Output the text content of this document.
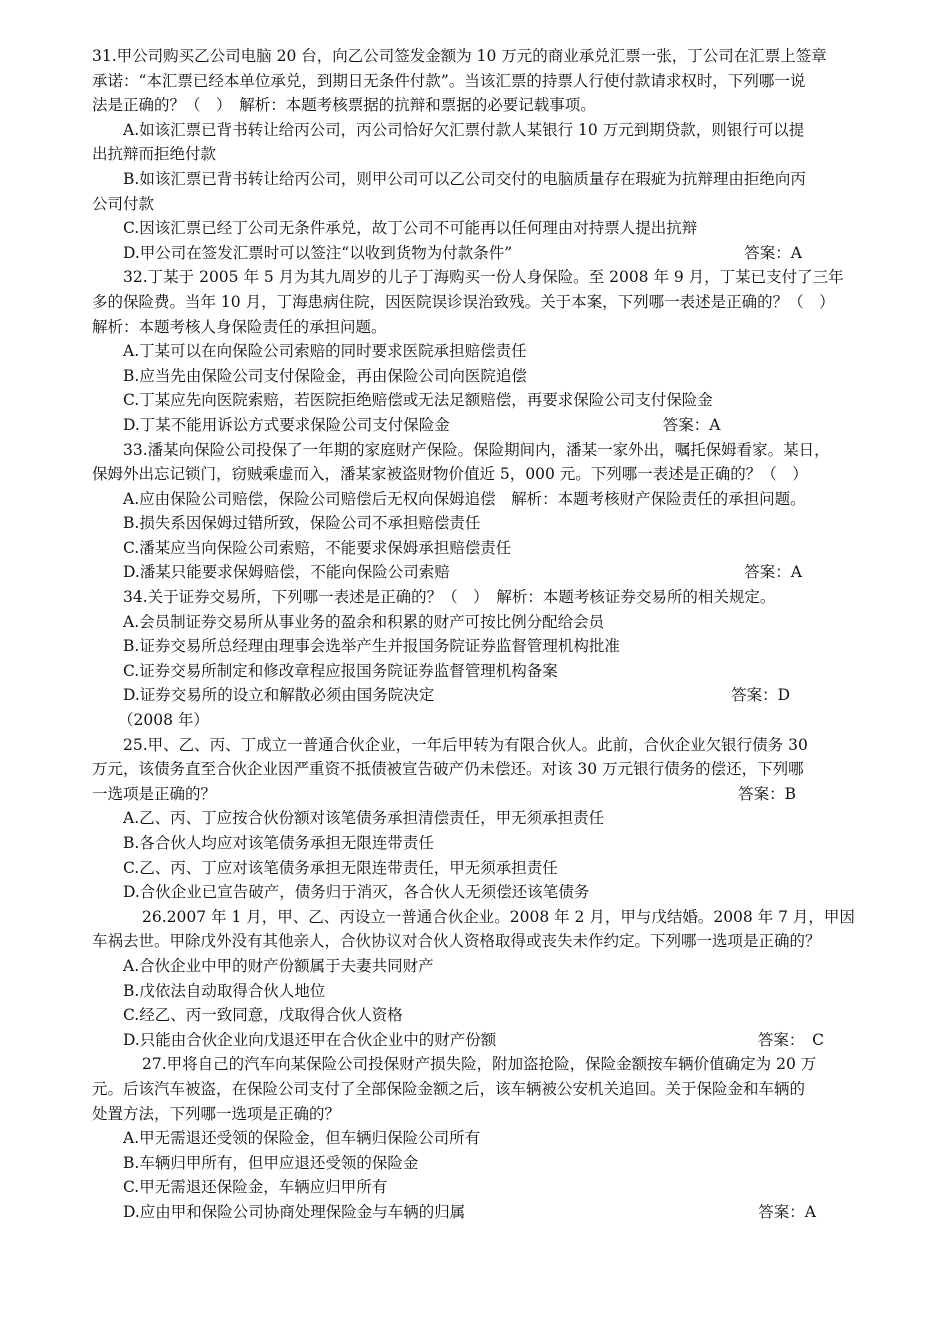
31.甲公司购买乙公司电脑 20 台，向乙公司签发金额为 10 万元的商业承兑汇票一张，丁公司在汇票上签章
承诺：“本汇票已经本单位承兑，到期日无条件付款”。当该汇票的持票人行使付款请求权时，下列哪一说
法是正确的？（　）　解析：本题考核票据的抗辩和票据的必要记载事项。
A.如该汇票已背书转让给丙公司，丙公司恰好欠汇票付款人某银行 10 万元到期贷款，则银行可以提
出抗辩而拒绝付款
B.如该汇票已背书转让给丙公司，则甲公司可以乙公司交付的电脑质量存在瑕疵为抗辩理由拒绝向丙
公司付款
C.因该汇票已经丁公司无条件承兑，故丁公司不可能再以任何理由对持票人提出抗辩
D.甲公司在签发汇票时可以签注“以收到货物为付款条件”	答案：A
32.丁某于 2005 年 5 月为其九周岁的儿子丁海购买一份人身保险。至 2008 年 9 月，丁某已支付了三年
多的保险费。当年 10 月，丁海患病住院，因医院误诊误治致残。关于本案，下列哪一表述是正确的？（　）
解析：本题考核人身保险责任的承担问题。
A.丁某可以在向保险公司索赔的同时要求医院承担赔偿责任
B.应当先由保险公司支付保险金，再由保险公司向医院追偿
C.丁某应先向医院索赔，若医院拒绝赔偿或无法足额赔偿，再要求保险公司支付保险金
D.丁某不能用诉讼方式要求保险公司支付保险金	答案：A
33.潘某向保险公司投保了一年期的家庭财产保险。保险期间内，潘某一家外出，嘱托保姆看家。某日，
保姆外出忘记锁门，窃贼乘虚而入，潘某家被盗财物价值近 5，000 元。下列哪一表述是正确的？（　）
A.应由保险公司赔偿，保险公司赔偿后无权向保姆追偿　解析：本题考核财产保险责任的承担问题。
B.损失系因保姆过错所致，保险公司不承担赔偿责任
C.潘某应当向保险公司索赔，不能要求保姆承担赔偿责任
D.潘某只能要求保姆赔偿，不能向保险公司索赔	答案：A
34.关于证券交易所，下列哪一表述是正确的？（　）　解析：本题考核证券交易所的相关规定。
A.会员制证券交易所从事业务的盈余和积累的财产可按比例分配给会员
B.证券交易所总经理由理事会选举产生并报国务院证券监督管理机构批准
C.证券交易所制定和修改章程应报国务院证券监督管理机构备案
D.证券交易所的设立和解散必须由国务院决定	答案：D
（2008 年）
25.甲、乙、丙、丁成立一普通合伙企业，一年后甲转为有限合伙人。此前，合伙企业欠银行债务 30
万元，该债务直至合伙企业因严重资不抵债被宣告破产仍未偿还。对该 30 万元银行债务的偿还，下列哪
一选项是正确的？	答案：B
A.乙、丙、丁应按合伙份额对该笔债务承担清偿责任，甲无须承担责任
B.各合伙人均应对该笔债务承担无限连带责任
C.乙、丙、丁应对该笔债务承担无限连带责任，甲无须承担责任
D.合伙企业已宣告破产，债务归于消灭，各合伙人无须偿还该笔债务
26.2007 年 1 月，甲、乙、丙设立一普通合伙企业。2008 年 2 月，甲与戊结婚。2008 年 7 月，甲因
车祸去世。甲除戊外没有其他亲人，合伙协议对合伙人资格取得或丧失未作约定。下列哪一选项是正确的？
A.合伙企业中甲的财产份额属于夫妻共同财产
B.戊依法自动取得合伙人地位
C.经乙、丙一致同意，戊取得合伙人资格
D.只能由合伙企业向戊退还甲在合伙企业中的财产份额	答案：　C
27.甲将自己的汽车向某保险公司投保财产损失险，附加盗抢险，保险金额按车辆价值确定为 20 万
元。后该汽车被盗，在保险公司支付了全部保险金额之后，该车辆被公安机关追回。关于保险金和车辆的
处置方法，下列哪一选项是正确的？
A.甲无需退还受领的保险金，但车辆归保险公司所有
B.车辆归甲所有，但甲应退还受领的保险金
C.甲无需退还保险金，车辆应归甲所有
D.应由甲和保险公司协商处理保险金与车辆的归属	答案：A
